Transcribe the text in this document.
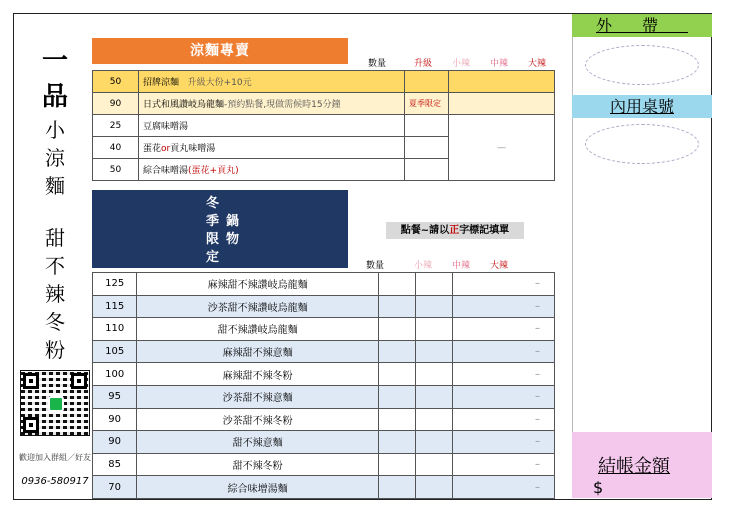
一
品
小
涼
麵
甜
不
辣
冬
粉
歡迎加入群組／好友
0936-580917
涼麵專賣
數量	升級 小辣 中辣 大辣
50	招牌涼麵 升級大份+10元		
90	日式和風讚岐烏龍麵-預約點餐,現做需候時15分鐘	夏季限定	
25	豆腐味噌湯		—
40	蛋花or貢丸味噌湯		
50	綜合味噌湯(蛋花+貢丸)		
冬
季
限
定
鍋
物
點餐~請以正字標記填單
數量	小辣 中辣 大辣
125	麻辣甜不辣讚岐烏龍麵			–
115	沙茶甜不辣讚岐烏龍麵			–
110	甜不辣讚岐烏龍麵			–
105	麻辣甜不辣意麵			–
100	麻辣甜不辣冬粉			–
95	沙茶甜不辣意麵			–
90	沙茶甜不辣冬粉			–
90	甜不辣意麵			–
85	甜不辣冬粉			–
70	綜合味增湯麵			–
外帶
內用桌號
結帳金額
$
